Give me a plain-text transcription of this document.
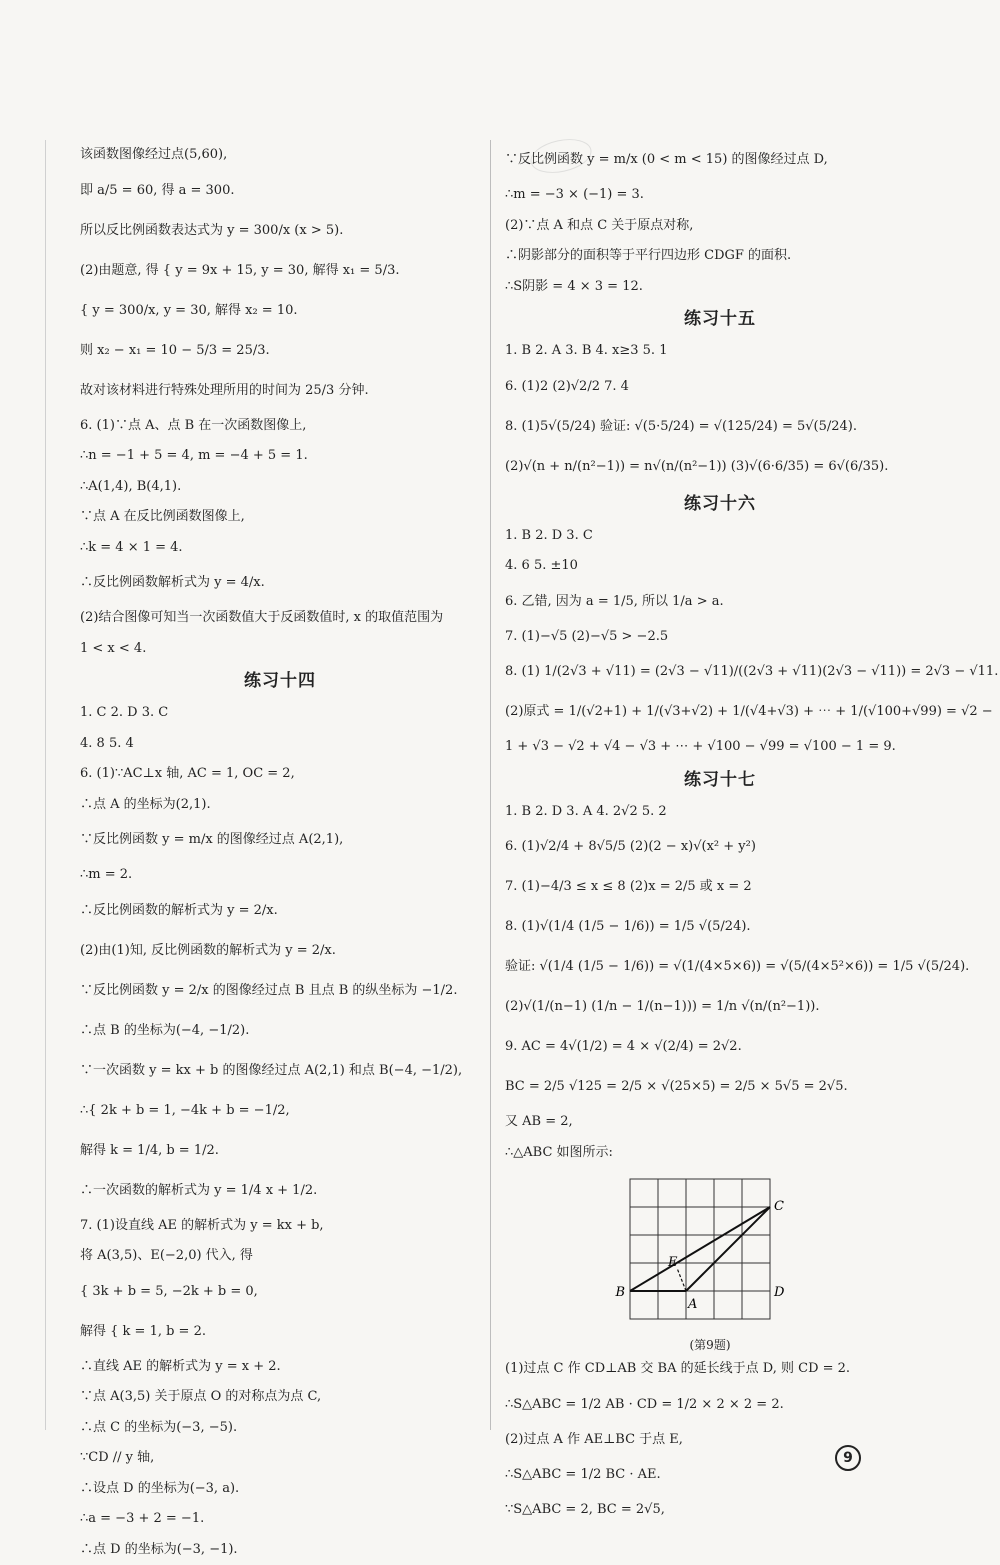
该函数图像经过点(5,60),
即 a/5 = 60, 得 a = 300.
所以反比例函数表达式为 y = 300/x (x > 5).
(2)由题意, 得 { y = 9x + 15, y = 30, 解得 x₁ = 5/3.
{ y = 300/x, y = 30, 解得 x₂ = 10.
则 x₂ − x₁ = 10 − 5/3 = 25/3.
故对该材料进行特殊处理所用的时间为 25/3 分钟.
6. (1)∵点 A、点 B 在一次函数图像上,
∴n = −1 + 5 = 4, m = −4 + 5 = 1.
∴A(1,4), B(4,1).
∵点 A 在反比例函数图像上,
∴k = 4 × 1 = 4.
∴反比例函数解析式为 y = 4/x.
(2)结合图像可知当一次函数值大于反函数值时, x 的取值范围为
1 < x < 4.
练习十四
1. C 2. D 3. C
4. 8 5. 4
6. (1)∵AC⊥x 轴, AC = 1, OC = 2,
∴点 A 的坐标为(2,1).
∵反比例函数 y = m/x 的图像经过点 A(2,1),
∴m = 2.
∴反比例函数的解析式为 y = 2/x.
(2)由(1)知, 反比例函数的解析式为 y = 2/x.
∵反比例函数 y = 2/x 的图像经过点 B 且点 B 的纵坐标为 −1/2.
∴点 B 的坐标为(−4, −1/2).
∵一次函数 y = kx + b 的图像经过点 A(2,1) 和点 B(−4, −1/2),
∴{ 2k + b = 1, −4k + b = −1/2,
解得 k = 1/4, b = 1/2.
∴一次函数的解析式为 y = 1/4 x + 1/2.
7. (1)设直线 AE 的解析式为 y = kx + b,
将 A(3,5)、E(−2,0) 代入, 得
{ 3k + b = 5, −2k + b = 0,
解得 { k = 1, b = 2.
∴直线 AE 的解析式为 y = x + 2.
∵点 A(3,5) 关于原点 O 的对称点为点 C,
∴点 C 的坐标为(−3, −5).
∵CD // y 轴,
∴设点 D 的坐标为(−3, a).
∴a = −3 + 2 = −1.
∴点 D 的坐标为(−3, −1).
∵反比例函数 y = m/x (0 < m < 15) 的图像经过点 D,
∴m = −3 × (−1) = 3.
(2)∵点 A 和点 C 关于原点对称,
∴阴影部分的面积等于平行四边形 CDGF 的面积.
∴S阴影 = 4 × 3 = 12.
练习十五
1. B 2. A 3. B 4. x≥3 5. 1
6. (1)2 (2)√2/2 7. 4
8. (1)5√(5/24) 验证: √(5·5/24) = √(125/24) = 5√(5/24).
(2)√(n + n/(n²−1)) = n√(n/(n²−1)) (3)√(6·6/35) = 6√(6/35).
练习十六
1. B 2. D 3. C
4. 6 5. ±10
6. 乙错, 因为 a = 1/5, 所以 1/a > a.
7. (1)−√5 (2)−√5 > −2.5
8. (1) 1/(2√3 + √11) = (2√3 − √11)/((2√3 + √11)(2√3 − √11)) = 2√3 − √11.
(2)原式 = 1/(√2+1) + 1/(√3+√2) + 1/(√4+√3) + ⋯ + 1/(√100+√99) = √2 −
1 + √3 − √2 + √4 − √3 + ⋯ + √100 − √99 = √100 − 1 = 9.
练习十七
1. B 2. D 3. A 4. 2√2 5. 2
6. (1)√2/4 + 8√5/5 (2)(2 − x)√(x² + y²)
7. (1)−4/3 ≤ x ≤ 8 (2)x = 2/5 或 x = 2
8. (1)√(1/4 (1/5 − 1/6)) = 1/5 √(5/24).
验证: √(1/4 (1/5 − 1/6)) = √(1/(4×5×6)) = √(5/(4×5²×6)) = 1/5 √(5/24).
(2)√(1/(n−1) (1/n − 1/(n−1))) = 1/n √(n/(n²−1)).
9. AC = 4√(1/2) = 4 × √(2/4) = 2√2.
BC = 2/5 √125 = 2/5 × √(25×5) = 2/5 × 5√5 = 2√5.
又 AB = 2,
∴△ABC 如图所示:
B
A
C
D
E
(第9题)
(1)过点 C 作 CD⊥AB 交 BA 的延长线于点 D, 则 CD = 2.
∴S△ABC = 1/2 AB · CD = 1/2 × 2 × 2 = 2.
(2)过点 A 作 AE⊥BC 于点 E,
∴S△ABC = 1/2 BC · AE.
∵S△ABC = 2, BC = 2√5,
9
